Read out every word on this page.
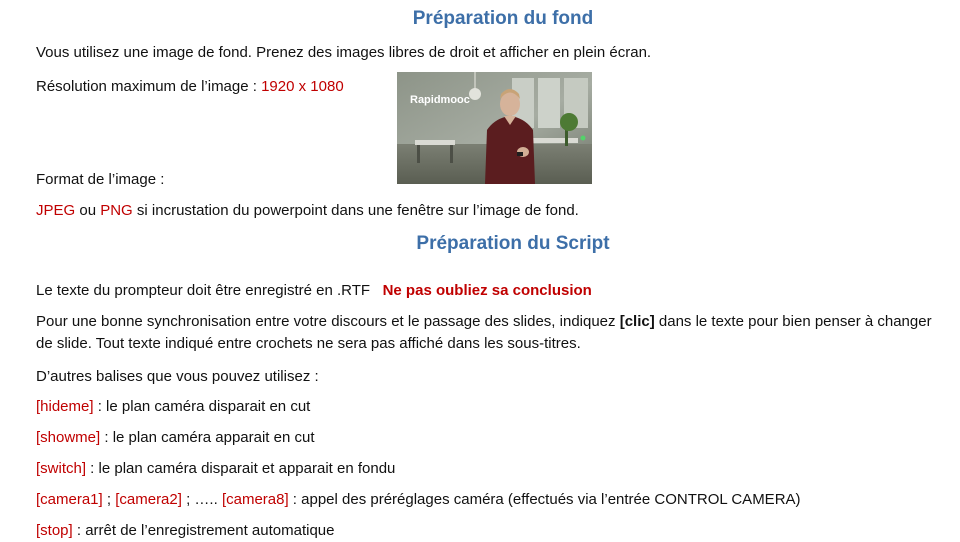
Préparation du fond
Vous utilisez une image de fond. Prenez des images libres de droit et afficher en plein écran.
Résolution maximum de l’image : 1920 x 1080
Rapidmooc
Format de l’image :
JPEG ou PNG si incrustation du powerpoint dans une fenêtre sur l’image de fond.
Préparation du Script
Le texte du prompteur doit être enregistré en .RTF Ne pas oubliez sa conclusion
Pour une bonne synchronisation entre votre discours et le passage des slides, indiquez [clic] dans le texte pour bien penser à changer de slide. Tout texte indiqué entre crochets ne sera pas affiché dans les sous-titres.
D’autres balises que vous pouvez utilisez :
[hideme] : le plan caméra disparait en cut
[showme] : le plan caméra apparait en cut
[switch] : le plan caméra disparait et apparait en fondu
[camera1] ; [camera2] ; ….. [camera8] : appel des préréglages caméra (effectués via l’entrée CONTROL CAMERA)
[stop] : arrêt de l’enregistrement automatique
